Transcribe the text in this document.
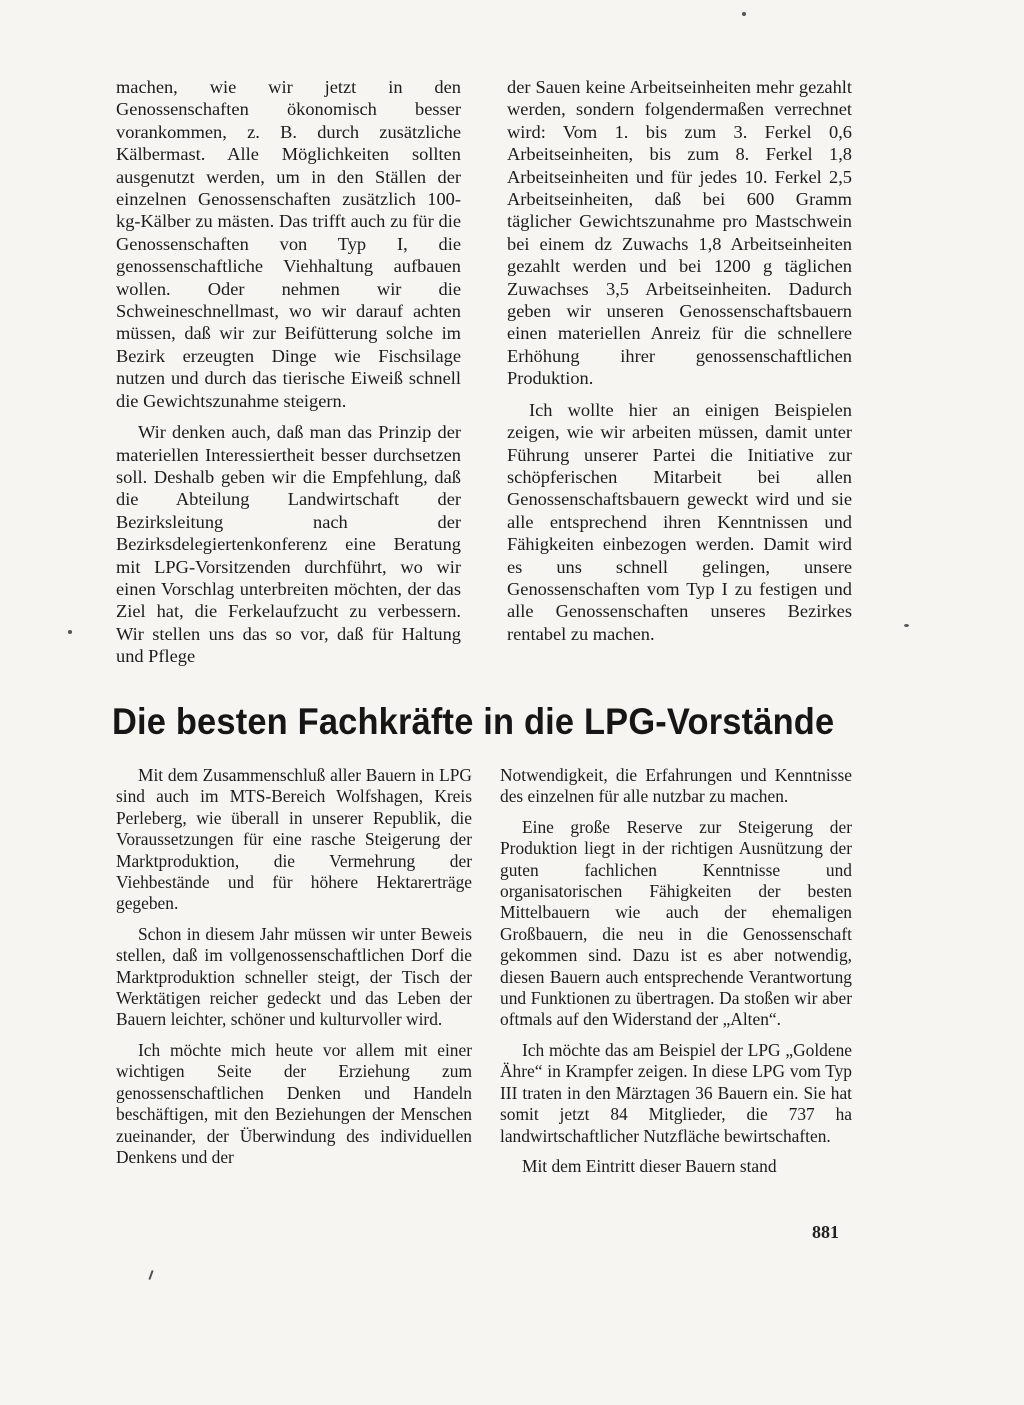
machen, wie wir jetzt in den Genossenschaften ökonomisch besser vorankommen, z. B. durch zusätzliche Kälbermast. Alle Möglichkeiten sollten ausgenutzt werden, um in den Ställen der einzelnen Genossenschaften zusätzlich 100-kg-Kälber zu mästen. Das trifft auch zu für die Genossenschaften von Typ I, die genossenschaftliche Viehhaltung aufbauen wollen. Oder nehmen wir die Schweineschnellmast, wo wir darauf achten müssen, daß wir zur Beifütterung solche im Bezirk erzeugten Dinge wie Fischsilage nutzen und durch das tierische Eiweiß schnell die Gewichtszunahme steigern.

Wir denken auch, daß man das Prinzip der materiellen Interessiertheit besser durchsetzen soll. Deshalb geben wir die Empfehlung, daß die Abteilung Landwirtschaft der Bezirksleitung nach der Bezirksdelegiertenkonferenz eine Beratung mit LPG-Vorsitzenden durchführt, wo wir einen Vorschlag unterbreiten möchten, der das Ziel hat, die Ferkelaufzucht zu verbessern. Wir stellen uns das so vor, daß für Haltung und Pflege

der Sauen keine Arbeitseinheiten mehr gezahlt werden, sondern folgendermaßen verrechnet wird: Vom 1. bis zum 3. Ferkel 0,6 Arbeitseinheiten, bis zum 8. Ferkel 1,8 Arbeitseinheiten und für jedes 10. Ferkel 2,5 Arbeitseinheiten, daß bei 600 Gramm täglicher Gewichtszunahme pro Mastschwein bei einem dz Zuwachs 1,8 Arbeitseinheiten gezahlt werden und bei 1200 g täglichen Zuwachses 3,5 Arbeitseinheiten. Dadurch geben wir unseren Genossenschaftsbauern einen materiellen Anreiz für die schnellere Erhöhung ihrer genossenschaftlichen Produktion.

Ich wollte hier an einigen Beispielen zeigen, wie wir arbeiten müssen, damit unter Führung unserer Partei die Initiative zur schöpferischen Mitarbeit bei allen Genossenschaftsbauern geweckt wird und sie alle entsprechend ihren Kenntnissen und Fähigkeiten einbezogen werden. Damit wird es uns schnell gelingen, unsere Genossenschaften vom Typ I zu festigen und alle Genossenschaften unseres Bezirkes rentabel zu machen.

Die besten Fachkräfte in die LPG-Vorstände

Mit dem Zusammenschluß aller Bauern in LPG sind auch im MTS-Bereich Wolfshagen, Kreis Perleberg, wie überall in unserer Republik, die Voraussetzungen für eine rasche Steigerung der Marktproduktion, die Vermehrung der Viehbestände und für höhere Hektarerträge gegeben.

Schon in diesem Jahr müssen wir unter Beweis stellen, daß im vollgenossenschaftlichen Dorf die Marktproduktion schneller steigt, der Tisch der Werktätigen reicher gedeckt und das Leben der Bauern leichter, schöner und kulturvoller wird.

Ich möchte mich heute vor allem mit einer wichtigen Seite der Erziehung zum genossenschaftlichen Denken und Handeln beschäftigen, mit den Beziehungen der Menschen zueinander, der Überwindung des individuellen Denkens und der

Notwendigkeit, die Erfahrungen und Kenntnisse des einzelnen für alle nutzbar zu machen.

Eine große Reserve zur Steigerung der Produktion liegt in der richtigen Ausnützung der guten fachlichen Kenntnisse und organisatorischen Fähigkeiten der besten Mittelbauern wie auch der ehemaligen Großbauern, die neu in die Genossenschaft gekommen sind. Dazu ist es aber notwendig, diesen Bauern auch entsprechende Verantwortung und Funktionen zu übertragen. Da stoßen wir aber oftmals auf den Widerstand der „Alten“.

Ich möchte das am Beispiel der LPG „Goldene Ähre“ in Krampfer zeigen. In diese LPG vom Typ III traten in den Märztagen 36 Bauern ein. Sie hat somit jetzt 84 Mitglieder, die 737 ha landwirtschaftlicher Nutzfläche bewirtschaften.

Mit dem Eintritt dieser Bauern stand

881
